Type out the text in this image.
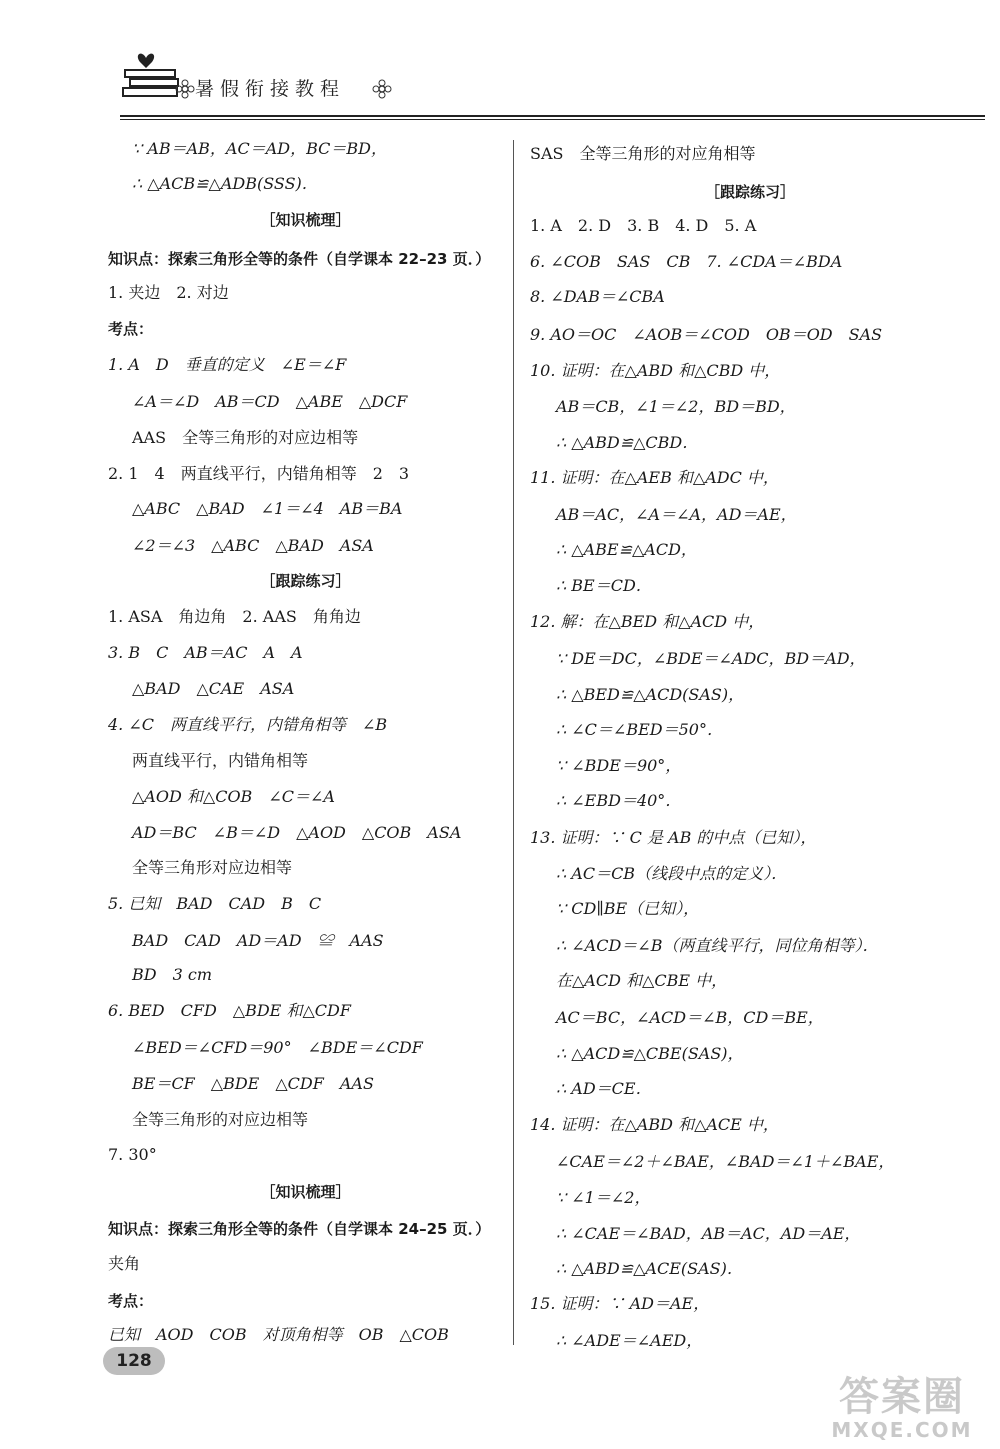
暑假衔接教程
∵ AB＝AB，AC＝AD，BC＝BD，
∴ △ACB≌△ADB(SSS)．
［知识梳理］
知识点：探索三角形全等的条件（自学课本 22–23 页．）
1. 夹边　2. 对边
考点：
1. A　D　垂直的定义　∠E＝∠F
∠A＝∠D　AB＝CD　△ABE　△DCF
AAS　全等三角形的对应边相等
2. 1　4　两直线平行，内错角相等　2　3
△ABC　△BAD　∠1＝∠4　AB＝BA
∠2＝∠3　△ABC　△BAD　ASA
［跟踪练习］
1. ASA　角边角　2. AAS　角角边
3. B　C　AB＝AC　A　A
△BAD　△CAE　ASA
4. ∠C　两直线平行，内错角相等　∠B
两直线平行，内错角相等
△AOD 和△COB　∠C＝∠A
AD＝BC　∠B＝∠D　△AOD　△COB　ASA
全等三角形对应边相等
5. 已知　BAD　CAD　B　C
BAD　CAD　AD＝AD　≌　AAS
BD　3 cm
6. BED　CFD　△BDE 和△CDF
∠BED＝∠CFD＝90°　∠BDE＝∠CDF
BE＝CF　△BDE　△CDF　AAS
全等三角形的对应边相等
7. 30°
［知识梳理］
知识点：探索三角形全等的条件（自学课本 24–25 页．）
夹角
考点：
已知　AOD　COB　对顶角相等　OB　△COB
SAS　全等三角形的对应角相等
［跟踪练习］
1. A　2. D　3. B　4. D　5. A
6. ∠COB　SAS　CB　7. ∠CDA＝∠BDA
8. ∠DAB＝∠CBA
9. AO＝OC　∠AOB＝∠COD　OB＝OD　SAS
10. 证明：在△ABD 和△CBD 中，
AB＝CB，∠1＝∠2，BD＝BD，
∴ △ABD≌△CBD．
11. 证明：在△AEB 和△ADC 中，
AB＝AC，∠A＝∠A，AD＝AE，
∴ △ABE≌△ACD，
∴ BE＝CD．
12. 解：在△BED 和△ACD 中，
∵ DE＝DC，∠BDE＝∠ADC，BD＝AD，
∴ △BED≌△ACD(SAS)，
∴ ∠C＝∠BED＝50°．
∵ ∠BDE＝90°，
∴ ∠EBD＝40°．
13. 证明：∵ C 是 AB 的中点（已知），
∴ AC＝CB（线段中点的定义）．
∵ CD∥BE（已知），
∴ ∠ACD＝∠B（两直线平行，同位角相等）．
在△ACD 和△CBE 中，
AC＝BC，∠ACD＝∠B，CD＝BE，
∴ △ACD≌△CBE(SAS)，
∴ AD＝CE．
14. 证明：在△ABD 和△ACE 中，
∠CAE＝∠2＋∠BAE，∠BAD＝∠1＋∠BAE，
∵ ∠1＝∠2，
∴ ∠CAE＝∠BAD，AB＝AC，AD＝AE，
∴ △ABD≌△ACE(SAS)．
15. 证明：∵ AD＝AE，
∴ ∠ADE＝∠AED，
128
答案圈
MXQE.COM
